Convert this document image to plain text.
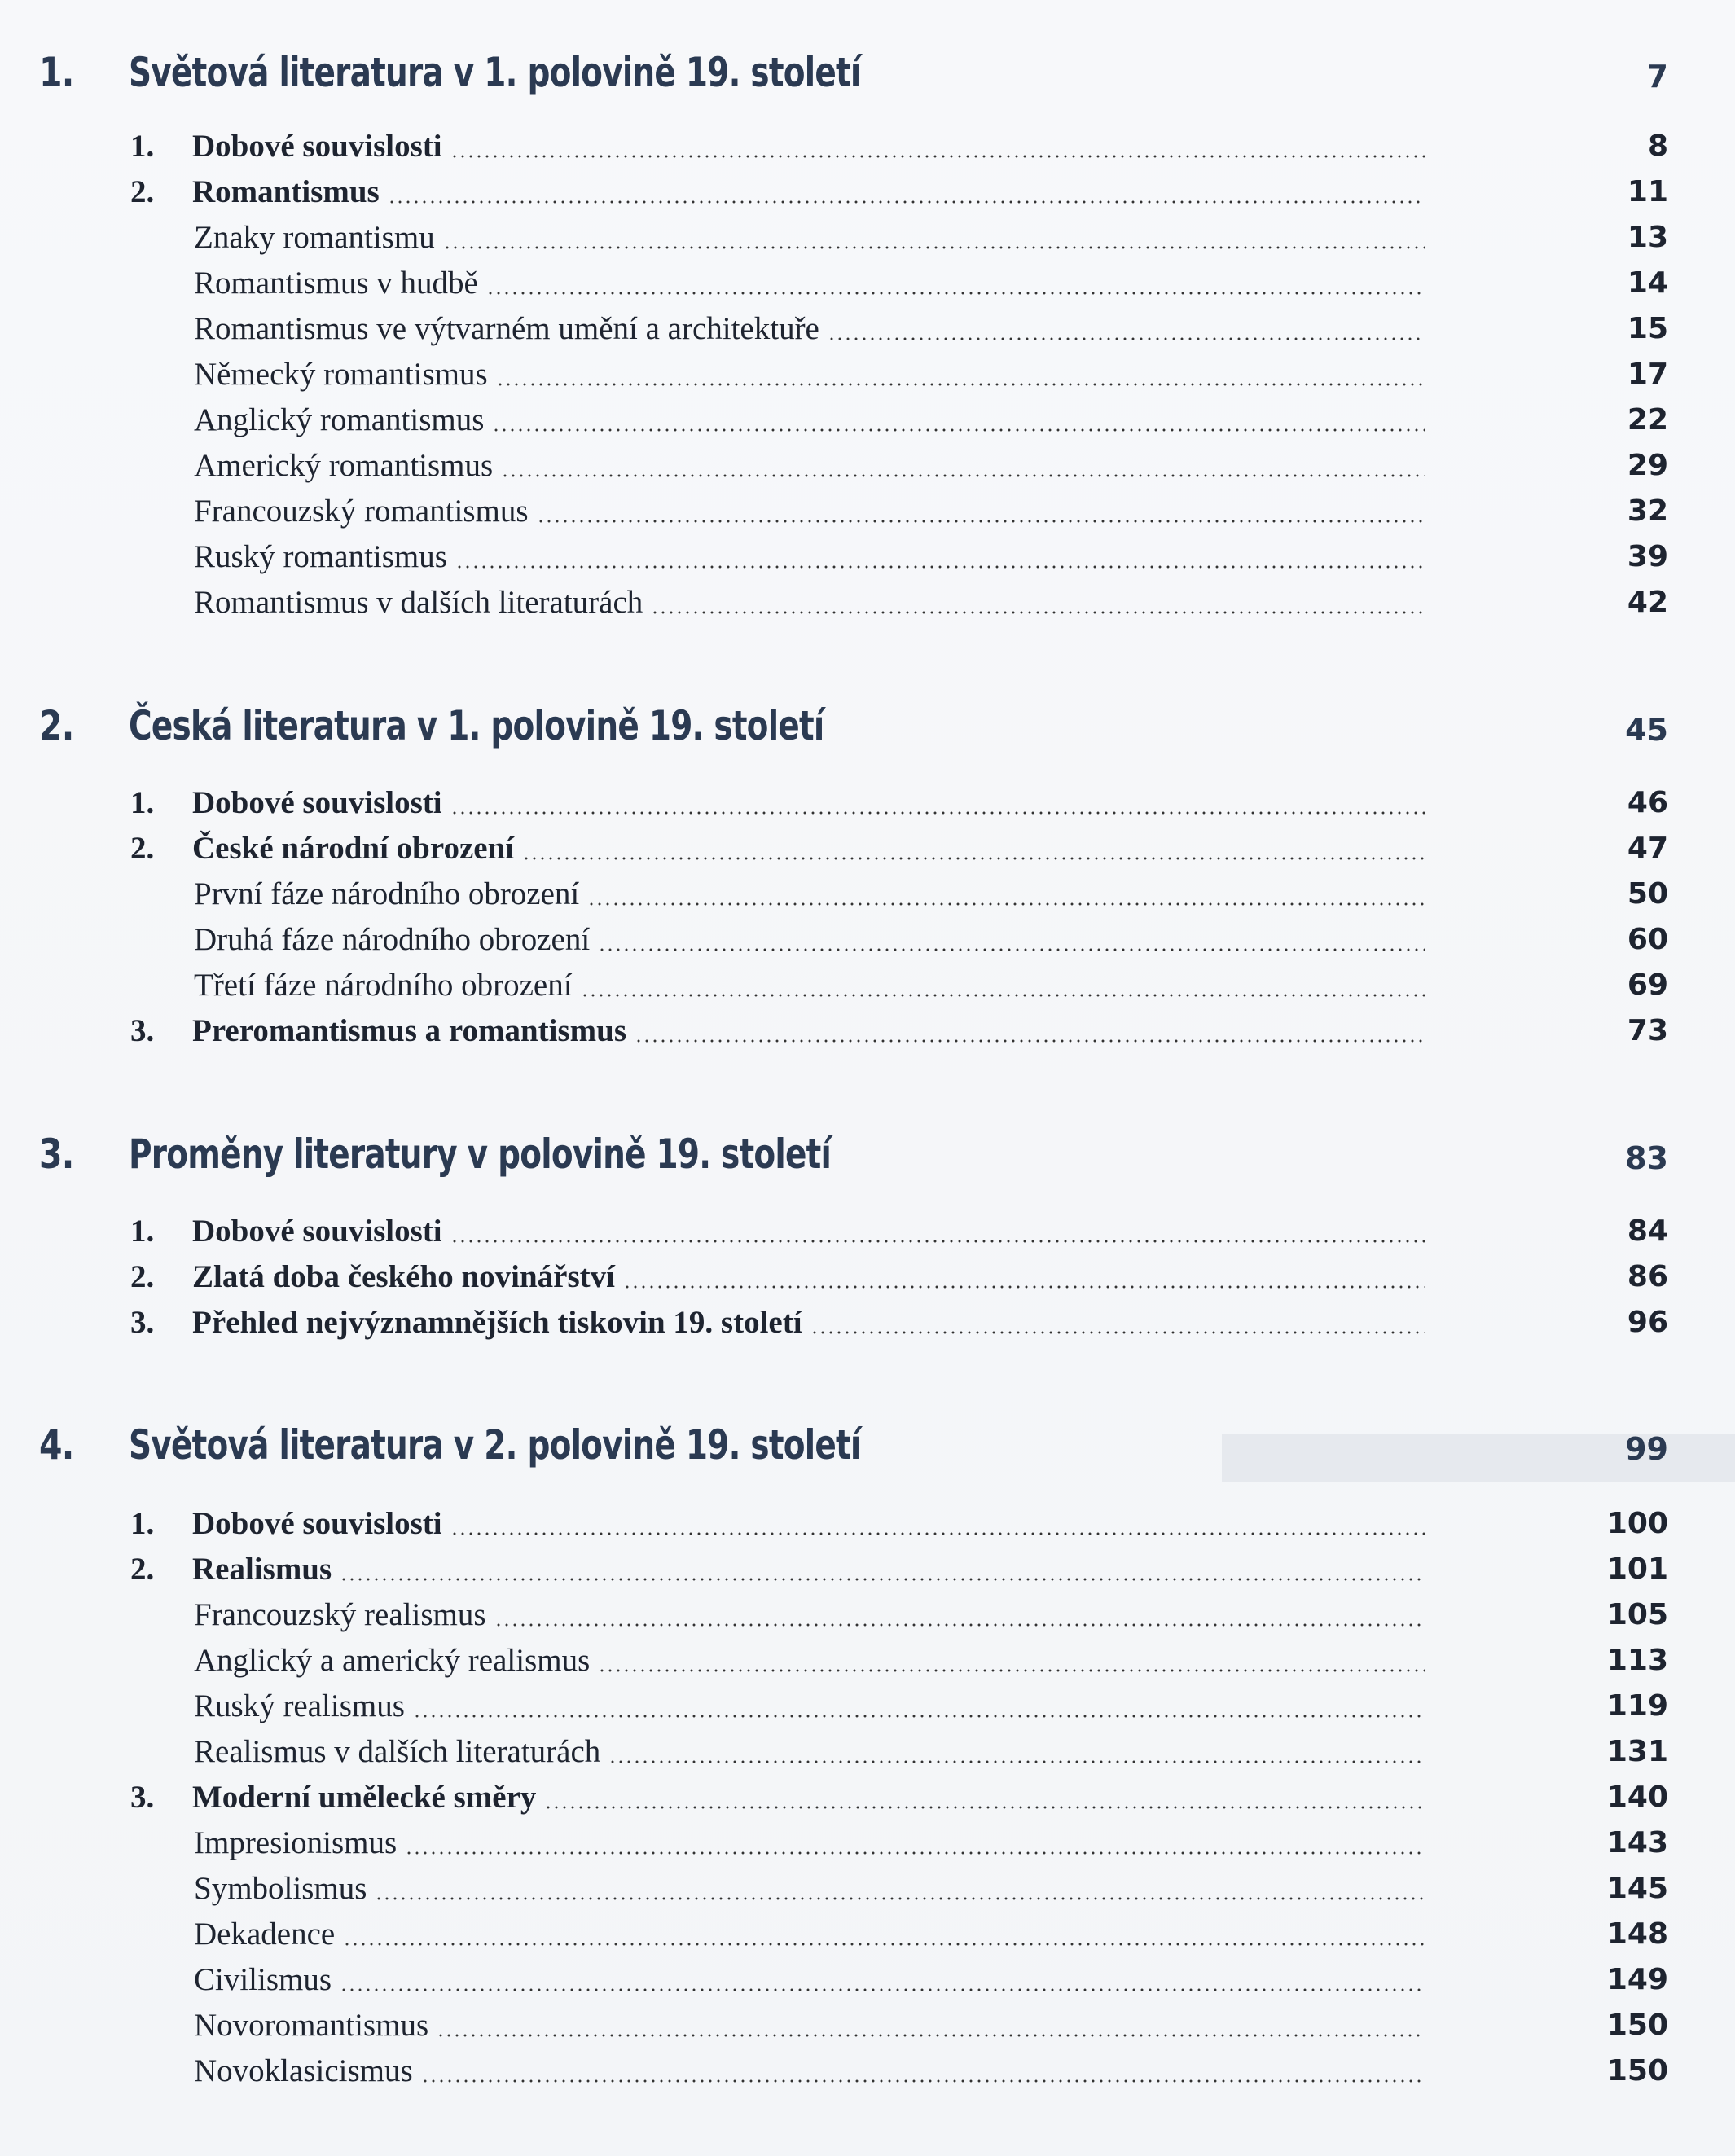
1. Světová literatura v 1. polovině 19. století	7
1. Dobové souvislosti	8
2. Romantismus	11
Znaky romantismu	13
Romantismus v hudbě	14
Romantismus ve výtvarném umění a architektuře	15
Německý romantismus	17
Anglický romantismus	22
Americký romantismus	29
Francouzský romantismus	32
Ruský romantismus	39
Romantismus v dalších literaturách	42
2. Česká literatura v 1. polovině 19. století	45
1. Dobové souvislosti	46
2. České národní obrození	47
První fáze národního obrození	50
Druhá fáze národního obrození	60
Třetí fáze národního obrození	69
3. Preromantismus a romantismus	73
3. Proměny literatury v polovině 19. století	83
1. Dobové souvislosti	84
2. Zlatá doba českého novinářství	86
3. Přehled nejvýznamnějších tiskovin 19. století	96
4. Světová literatura v 2. polovině 19. století	99
1. Dobové souvislosti	100
2. Realismus	101
Francouzský realismus	105
Anglický a americký realismus	113
Ruský realismus	119
Realismus v dalších literaturách	131
3. Moderní umělecké směry	140
Impresionismus	143
Symbolismus	145
Dekadence	148
Civilismus	149
Novoromantismus	150
Novoklasicismus	150
